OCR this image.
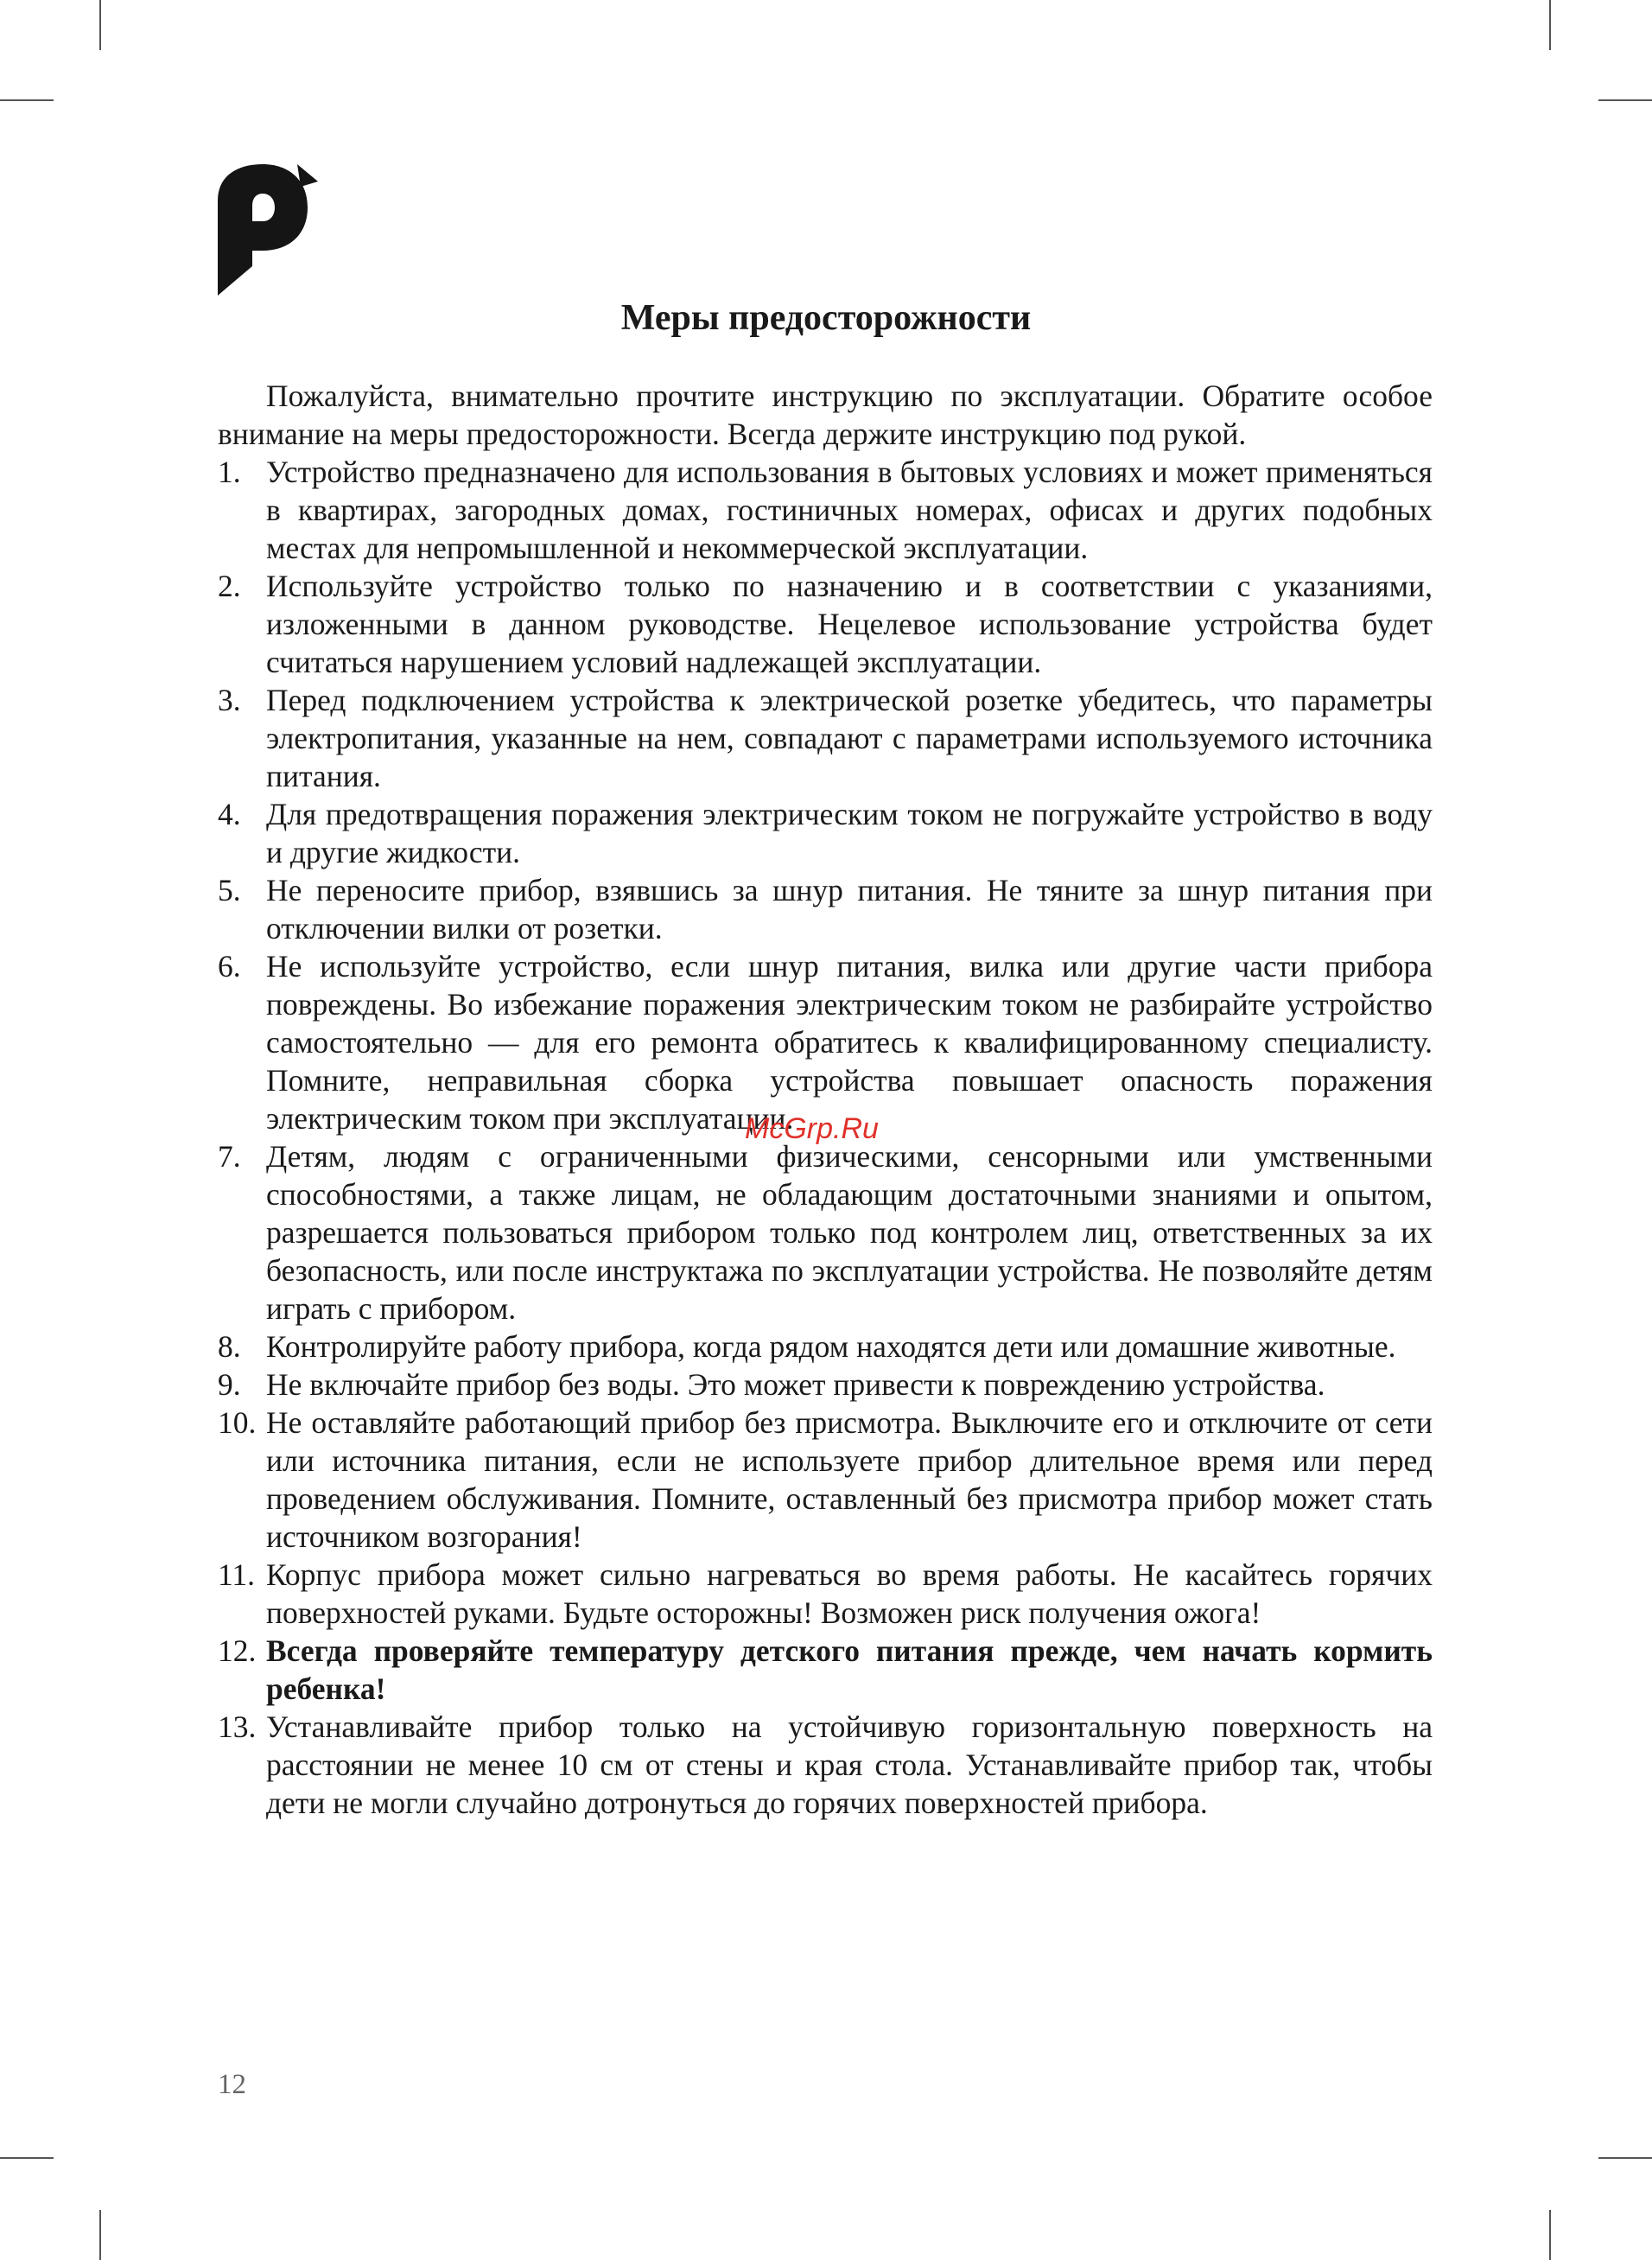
Меры предосторожности

Пожалуйста, внимательно прочтите инструкцию по эксплуатации. Обратите особое внимание на меры предосторожности. Всегда держите инструкцию под рукой.

1. Устройство предназначено для использования в бытовых условиях и может применяться в квартирах, загородных домах, гостиничных номерах, офисах и других подобных местах для непромышленной и некоммерческой эксплуатации.
2. Используйте устройство только по назначению и в соответствии с указаниями, изложенными в данном руководстве. Нецелевое использование устройства будет считаться нарушением условий надлежащей эксплуатации.
3. Перед подключением устройства к электрической розетке убедитесь, что параметры электропитания, указанные на нем, совпадают с параметрами используемого источника питания.
4. Для предотвращения поражения электрическим током не погружайте устройство в воду и другие жидкости.
5. Не переносите прибор, взявшись за шнур питания. Не тяните за шнур питания при отключении вилки от розетки.
6. Не используйте устройство, если шнур питания, вилка или другие части прибора повреждены. Во избежание поражения электрическим током не разбирайте устройство самостоятельно — для его ремонта обратитесь к квалифицированному специалисту. Помните, неправильная сборка устройства повышает опасность поражения электрическим током при эксплуатации.
7. Детям, людям с ограниченными физическими, сенсорными или умственными способностями, а также лицам, не обладающим достаточными знаниями и опытом, разрешается пользоваться прибором только под контролем лиц, ответственных за их безопасность, или после инструктажа по эксплуатации устройства. Не позволяйте детям играть с прибором.
8. Контролируйте работу прибора, когда рядом находятся дети или домашние животные.
9. Не включайте прибор без воды. Это может привести к повреждению устройства.
10. Не оставляйте работающий прибор без присмотра. Выключите его и отключите от сети или источника питания, если не используете прибор длительное время или перед проведением обслуживания. Помните, оставленный без присмотра прибор может стать источником возгорания!
11. Корпус прибора может сильно нагреваться во время работы. Не касайтесь горячих поверхностей руками. Будьте осторожны! Возможен риск получения ожога!
12. Всегда проверяйте температуру детского питания прежде, чем начать кормить ребенка!
13. Устанавливайте прибор только на устойчивую горизонтальную поверхность на расстоянии не менее 10 см от стены и края стола. Устанавливайте прибор так, чтобы дети не могли случайно дотронуться до горячих поверхностей прибора.
McGrp.Ru
12
